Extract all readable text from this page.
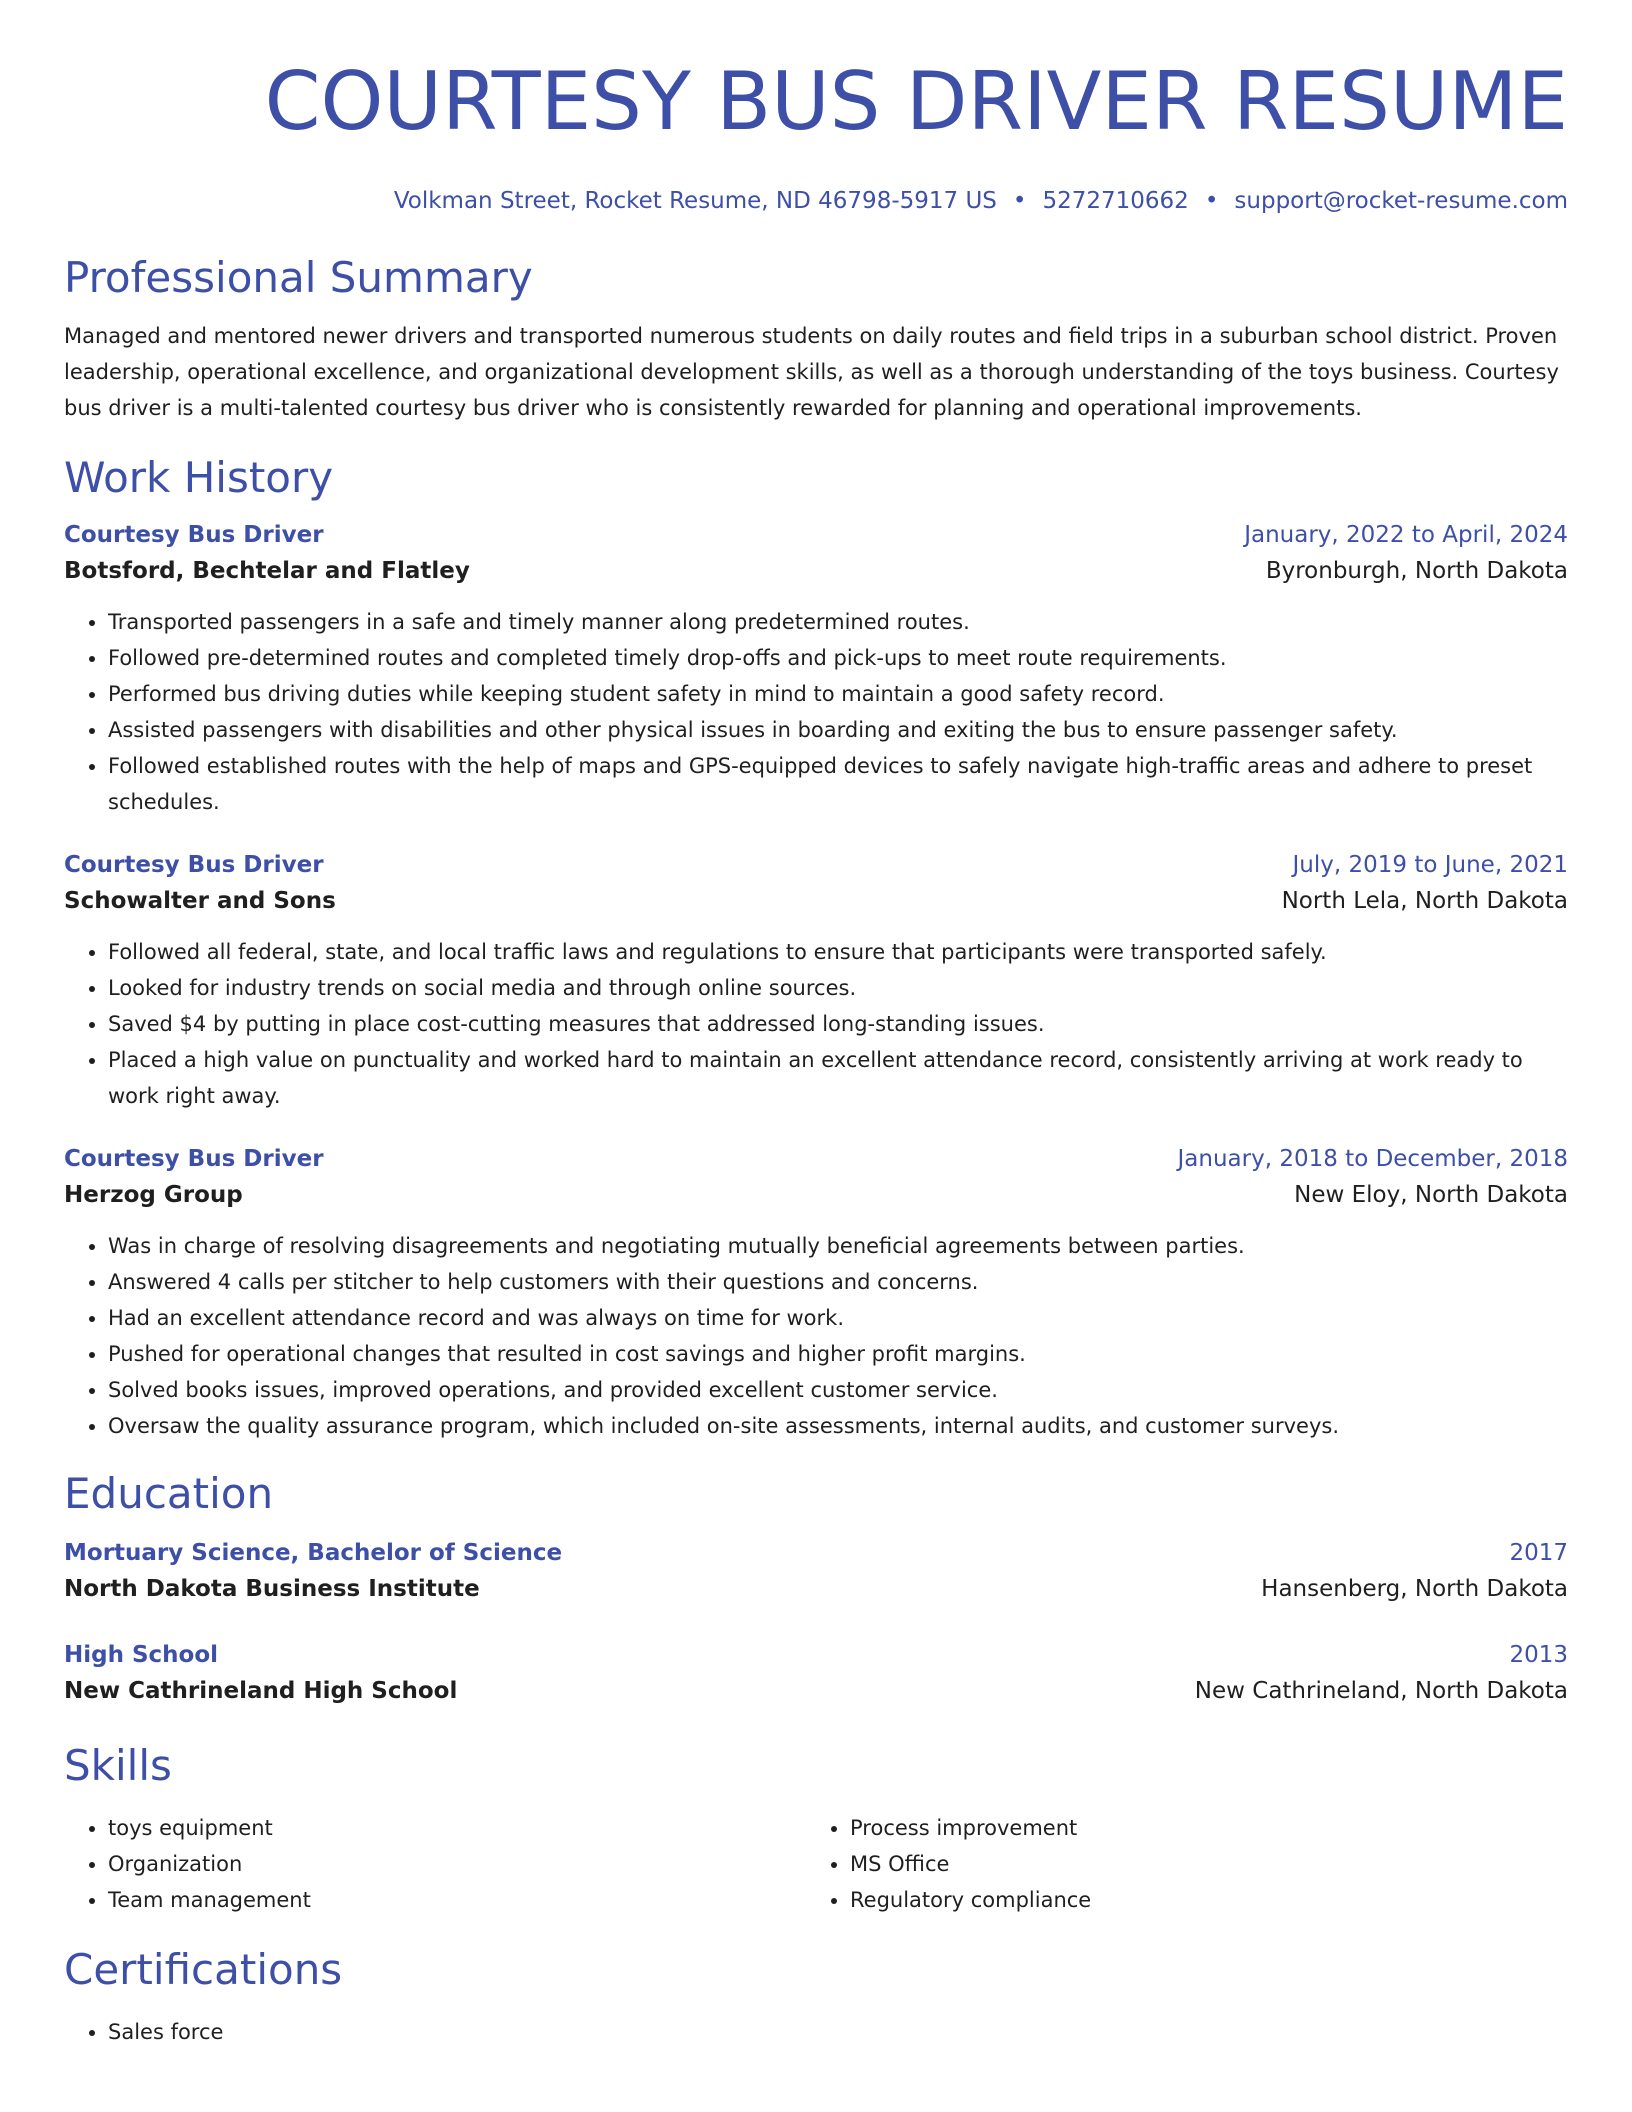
COURTESY BUS DRIVER RESUME
Volkman Street, Rocket Resume, ND 46798-5917 US • 5272710662 • support@rocket-resume.com
Professional Summary
Managed and mentored newer drivers and transported numerous students on daily routes and field trips in a suburban school district. Proven leadership, operational excellence, and organizational development skills, as well as a thorough understanding of the toys business. Courtesy bus driver is a multi-talented courtesy bus driver who is consistently rewarded for planning and operational improvements.
Work History
Courtesy Bus Driver	January, 2022 to April, 2024
Botsford, Bechtelar and Flatley	Byronburgh, North Dakota
• Transported passengers in a safe and timely manner along predetermined routes.
• Followed pre-determined routes and completed timely drop-offs and pick-ups to meet route requirements.
• Performed bus driving duties while keeping student safety in mind to maintain a good safety record.
• Assisted passengers with disabilities and other physical issues in boarding and exiting the bus to ensure passenger safety.
• Followed established routes with the help of maps and GPS-equipped devices to safely navigate high-traffic areas and adhere to preset schedules.
Courtesy Bus Driver	July, 2019 to June, 2021
Schowalter and Sons	North Lela, North Dakota
• Followed all federal, state, and local traffic laws and regulations to ensure that participants were transported safely.
• Looked for industry trends on social media and through online sources.
• Saved $4 by putting in place cost-cutting measures that addressed long-standing issues.
• Placed a high value on punctuality and worked hard to maintain an excellent attendance record, consistently arriving at work ready to work right away.
Courtesy Bus Driver	January, 2018 to December, 2018
Herzog Group	New Eloy, North Dakota
• Was in charge of resolving disagreements and negotiating mutually beneficial agreements between parties.
• Answered 4 calls per stitcher to help customers with their questions and concerns.
• Had an excellent attendance record and was always on time for work.
• Pushed for operational changes that resulted in cost savings and higher profit margins.
• Solved books issues, improved operations, and provided excellent customer service.
• Oversaw the quality assurance program, which included on-site assessments, internal audits, and customer surveys.
Education
Mortuary Science, Bachelor of Science	2017
North Dakota Business Institute	Hansenberg, North Dakota
High School	2013
New Cathrineland High School	New Cathrineland, North Dakota
Skills
• toys equipment
• Organization
• Team management
• Process improvement
• MS Office
• Regulatory compliance
Certifications
• Sales force
